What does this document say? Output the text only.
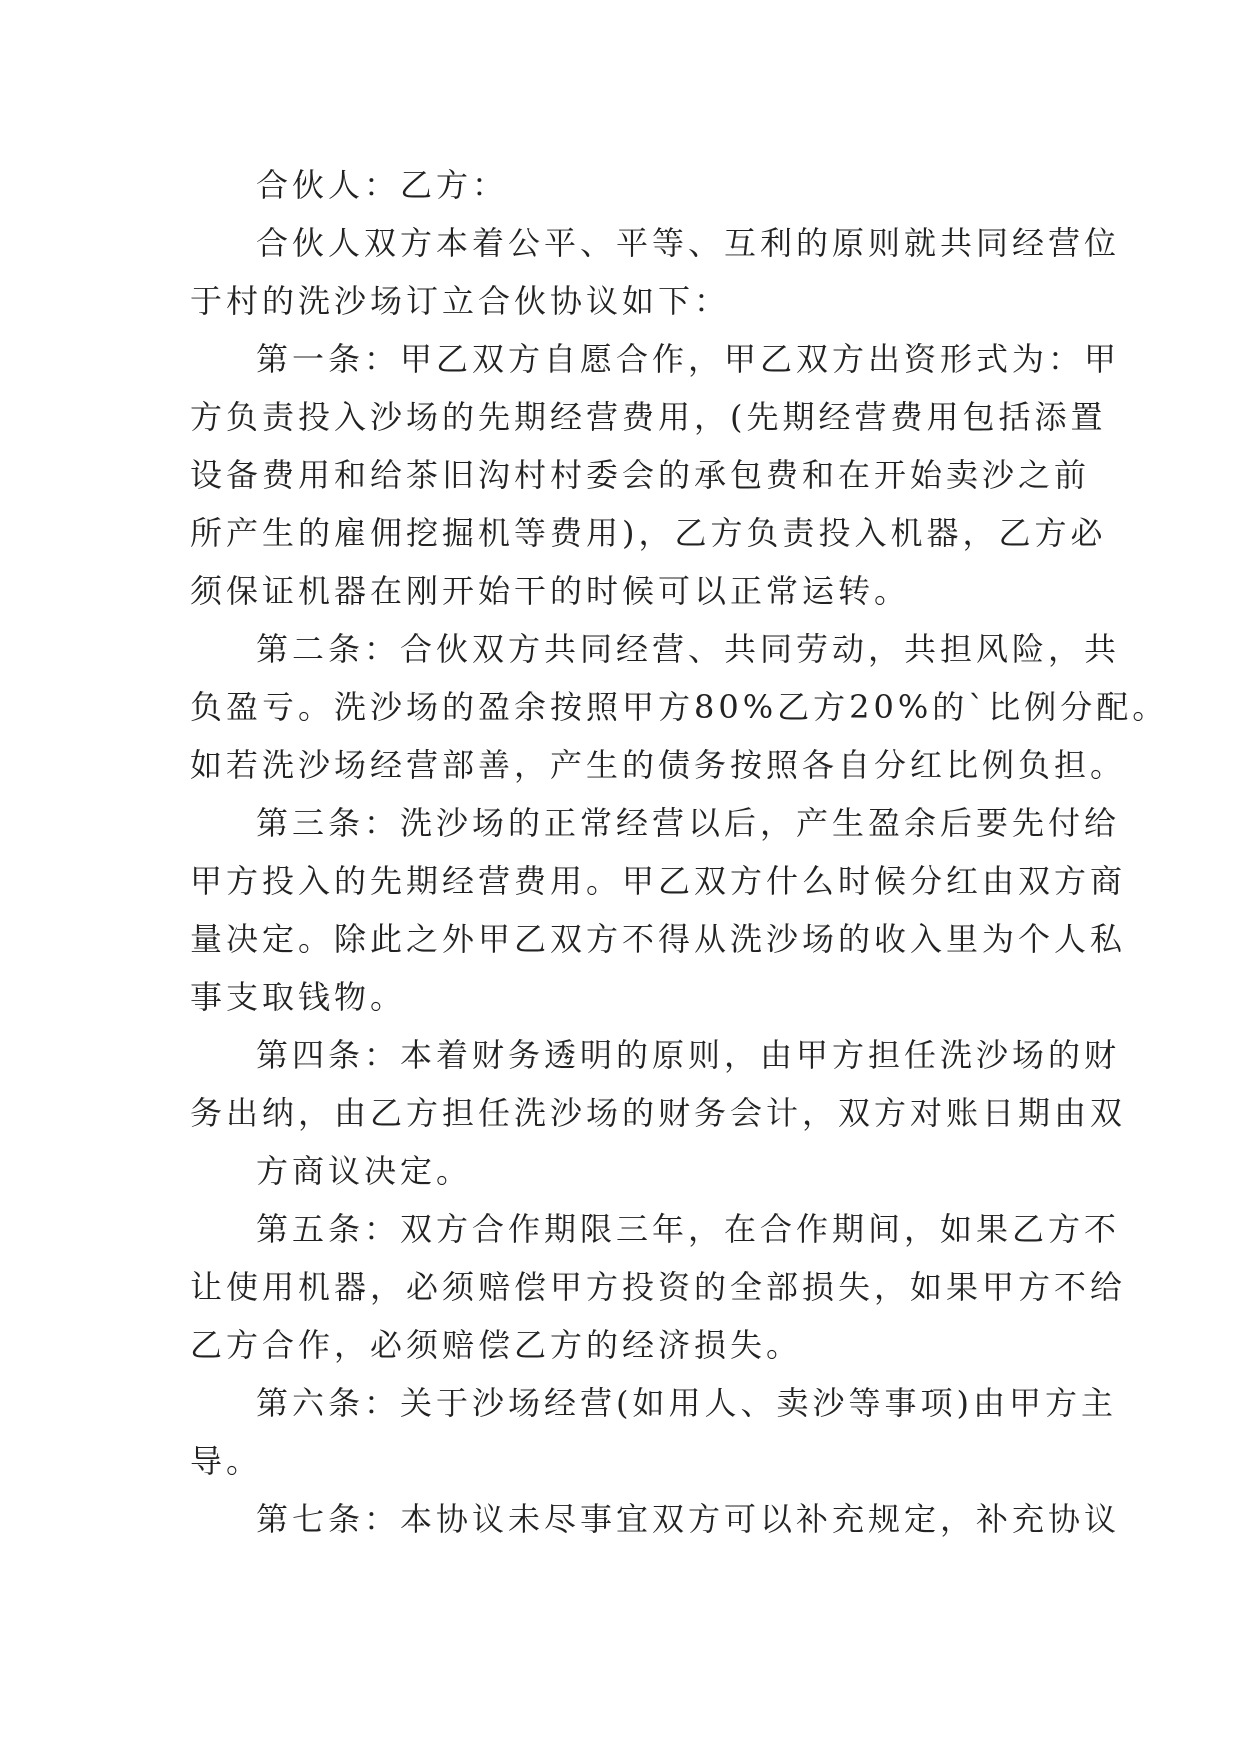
合伙人：乙方：
合伙人双方本着公平、平等、互利的原则就共同经营位
于村的洗沙场订立合伙协议如下：
第一条：甲乙双方自愿合作，甲乙双方出资形式为：甲
方负责投入沙场的先期经营费用，(先期经营费用包括添置
设备费用和给茶旧沟村村委会的承包费和在开始卖沙之前
所产生的雇佣挖掘机等费用)，乙方负责投入机器，乙方必
须保证机器在刚开始干的时候可以正常运转。
第二条：合伙双方共同经营、共同劳动，共担风险，共
负盈亏。洗沙场的盈余按照甲方80%乙方20%的`比例分配。
如若洗沙场经营部善，产生的债务按照各自分红比例负担。
第三条：洗沙场的正常经营以后，产生盈余后要先付给
甲方投入的先期经营费用。甲乙双方什么时候分红由双方商
量决定。除此之外甲乙双方不得从洗沙场的收入里为个人私
事支取钱物。
第四条：本着财务透明的原则，由甲方担任洗沙场的财
务出纳，由乙方担任洗沙场的财务会计，双方对账日期由双
方商议决定。
第五条：双方合作期限三年，在合作期间，如果乙方不
让使用机器，必须赔偿甲方投资的全部损失，如果甲方不给
乙方合作，必须赔偿乙方的经济损失。
第六条：关于沙场经营(如用人、卖沙等事项)由甲方主
导。
第七条：本协议未尽事宜双方可以补充规定，补充协议
